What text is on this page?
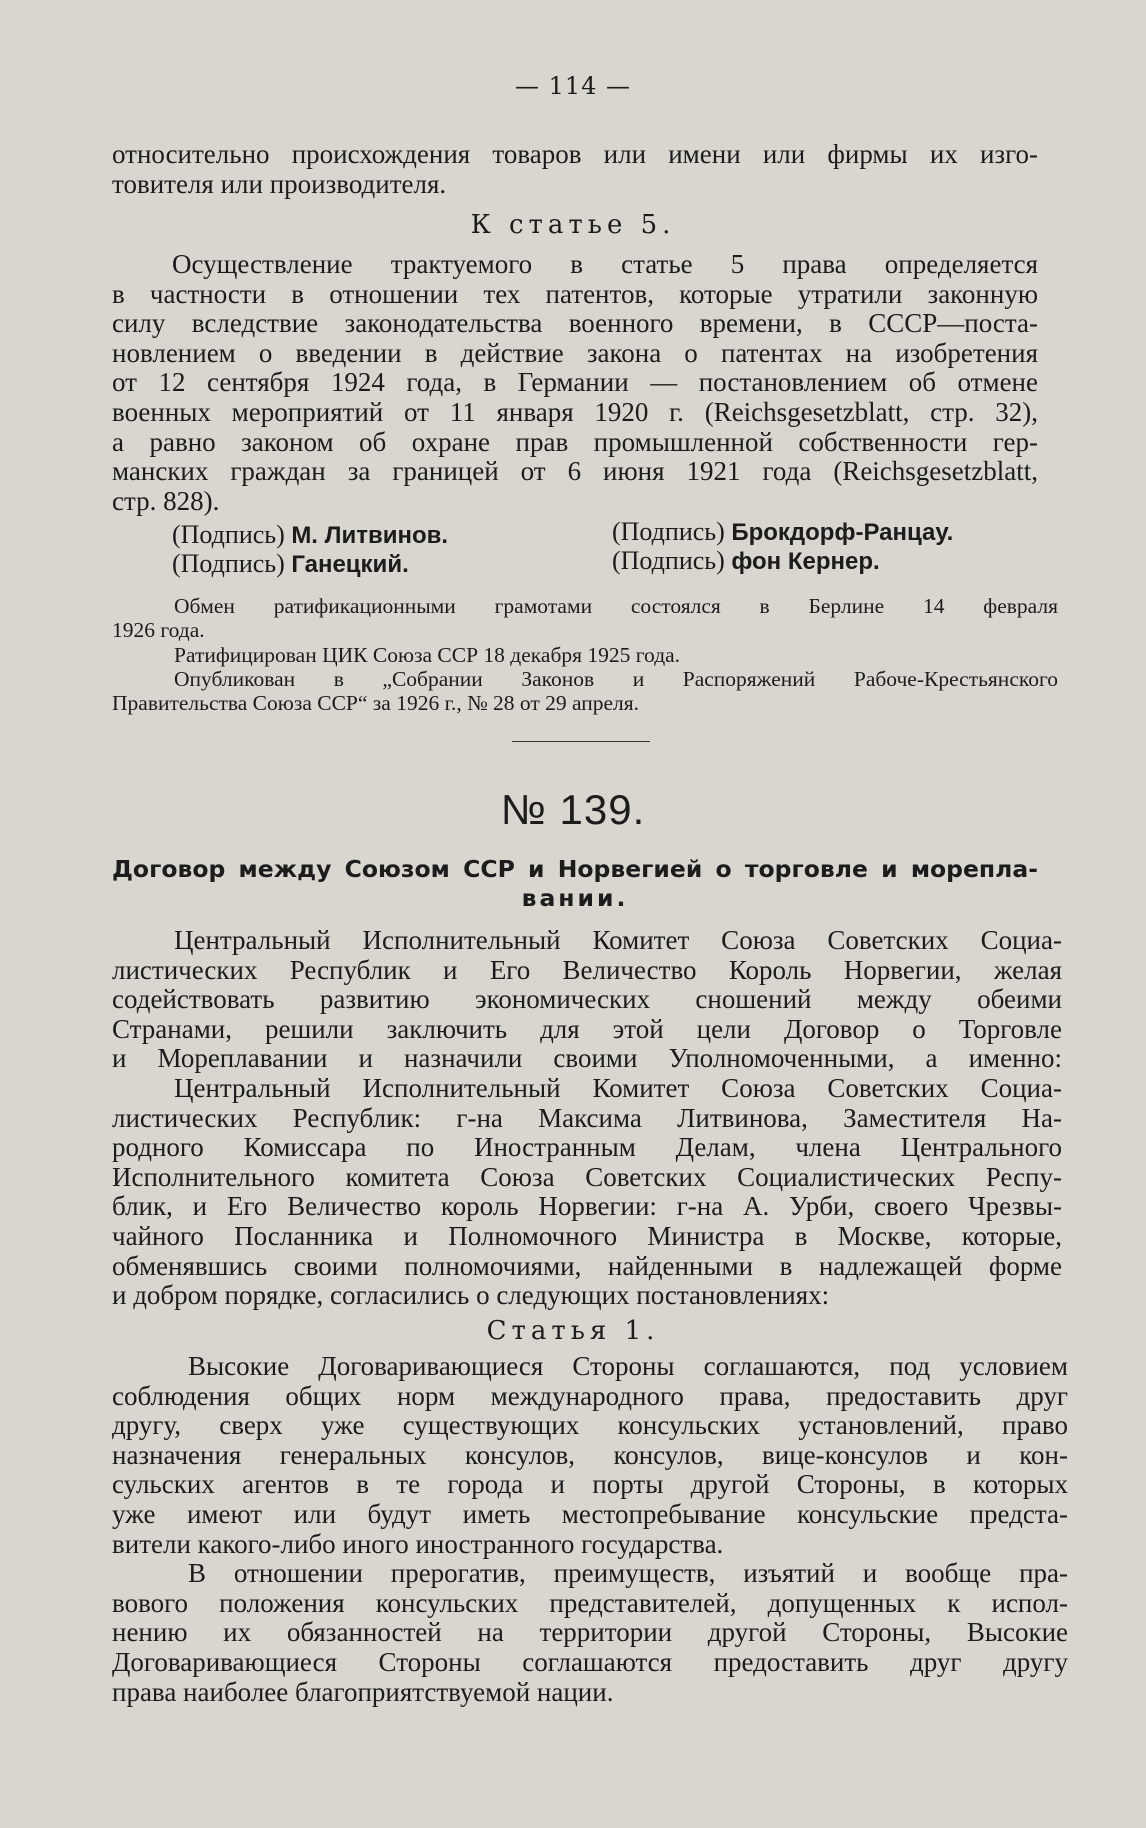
— 114 —
относительно происхождения товаров или имени или фирмы их изго-
товителя или производителя.
К статье 5.
Осуществление трактуемого в статье 5 права определяется
в частности в отношении тех патентов, которые утратили законную
силу вследствие законодательства военного времени, в СССР—поста-
новлением о введении в действие закона о патентах на изобретения
от 12 сентября 1924 года, в Германии — постановлением об отмене
военных мероприятий от 11 января 1920 г. (Reichsgesetzblatt, стр. 32),
а равно законом об охране прав промышленной собственности гер-
манских граждан за границей от 6 июня 1921 года (Reichsgesetzblatt,
стр. 828).
(Подпись) М. Литвинов.
(Подпись) Ганецкий.
(Подпись) Брокдорф-Ранцау.
(Подпись) фон Кернер.
Обмен ратификационными грамотами состоялся в Берлине 14 февраля
1926 года.
Ратифицирован ЦИК Союза ССР 18 декабря 1925 года.
Опубликован в „Собрании Законов и Распоряжений Рабоче-Крестьянского
Правительства Союза ССР“ за 1926 г., № 28 от 29 апреля.
№ 139.
Договор между Союзом ССР и Норвегией о торговле и морепла-
вании.
Центральный Исполнительный Комитет Союза Советских Социа-
листических Республик и Его Величество Король Норвегии, желая
содействовать развитию экономических сношений между обеими
Странами, решили заключить для этой цели Договор о Торговле
и Мореплавании и назначили своими Уполномоченными, а именно:
Центральный Исполнительный Комитет Союза Советских Социа-
листических Республик: г-на Максима Литвинова, Заместителя На-
родного Комиссара по Иностранным Делам, члена Центрального
Исполнительного комитета Союза Советских Социалистических Респу-
блик, и Его Величество король Норвегии: г-на А. Урби, своего Чрезвы-
чайного Посланника и Полномочного Министра в Москве, которые,
обменявшись своими полномочиями, найденными в надлежащей форме
и добром порядке, согласились о следующих постановлениях:
Статья 1.
Высокие Договаривающиеся Стороны соглашаются, под условием
соблюдения общих норм международного права, предоставить друг
другу, сверх уже существующих консульских установлений, право
назначения генеральных консулов, консулов, вице-консулов и кон-
сульских агентов в те города и порты другой Стороны, в которых
уже имеют или будут иметь местопребывание консульские предста-
вители какого-либо иного иностранного государства.
В отношении прерогатив, преимуществ, изъятий и вообще пра-
вового положения консульских представителей, допущенных к испол-
нению их обязанностей на территории другой Стороны, Высокие
Договаривающиеся Стороны соглашаются предоставить друг другу
права наиболее благоприятствуемой нации.
